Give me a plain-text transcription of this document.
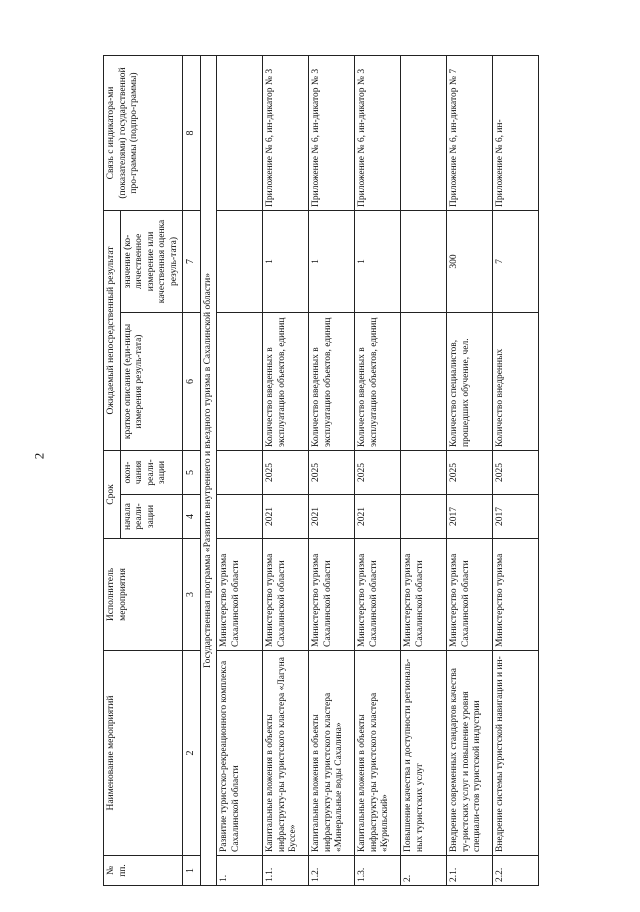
2
№ пп.	Наименование мероприятий	Исполнитель мероприятия	Срок		Ожидаемый непосредственный результат		Связь с индикатора-ми (показателями) государственной про-граммы (подпро-граммы)
			начала реали-зации	окон-чания реали-зации	краткое описание (еди-ницы измерения резуль-тата)	значение (ко-личественное измерение или качественная оценка резуль-тата)	
1	2	3	4	5	6	7	8
Государственная программа «Развитие внутреннего и въездного туризма в Сахалинской области»							
1.	Развитие туристско-рекреационного комплекса Сахалинской области	Министерство туризма Сахалинской области					
1.1.	Капитальные вложения в объекты инфраструкту-ры туристского кластера «Лагуна Буссе»	Министерство туризма Сахалинской области	2021	2025	Количество введенных в эксплуатацию объектов, единиц	1	Приложение № 6, ин-дикатор № 3
1.2.	Капитальные вложения в объекты инфраструкту-ры туристского кластера «Минеральные воды Сахалина»	Министерство туризма Сахалинской области	2021	2025	Количество введенных в эксплуатацию объектов, единиц	1	Приложение № 6, ин-дикатор № 3
1.3.	Капитальные вложения в объекты инфраструкту-ры туристского кластера «Курильский»	Министерство туризма Сахалинской области	2021	2025	Количество введенных в эксплуатацию объектов, единиц	1	Приложение № 6, ин-дикатор № 3
2.	Повышение качества и доступности региональ-ных туристских услуг	Министерство туризма Сахалинской области					
2.1.	Внедрение современных стандартов качества ту-ристских услуг и повышение уровня специали-стов туристской индустрии	Министерство туризма Сахалинской области	2017	2025	Количество специалистов, прошедших обучение, чел.	300	Приложение № 6, ин-дикатор № 7
2.2.	Внедрение системы туристской навигации и ин-	Министерство туризма	2017	2025	Количество внедренных	7	Приложение № 6, ин-
